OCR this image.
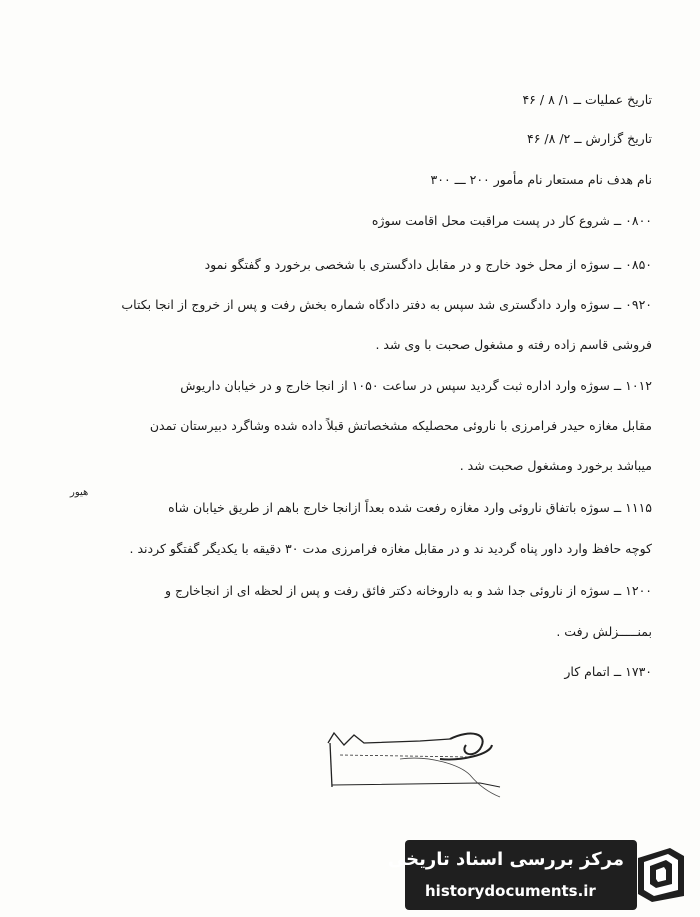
تاریخ عملیات ــ ۱/ ۸ / ۴۶
تاریخ گزارش ــ ۲/ ۸/ ۴۶
نام هدف نام مستعار نام مأمور ۲۰۰ ـــ ۳۰۰
۰۸۰۰ ــ شروع کار در پست مراقبت محل اقامت سوژه
۰۸۵۰ ــ سوژه از محل خود خارج و در مقابل دادگستری با شخصی برخورد و گفتگو نمود
۰۹۲۰ ــ سوژه وارد دادگستری شد سپس به دفتر دادگاه شماره بخش رفت و پس از خروج از انجا بکتاب
فروشی قاسم زاده رفته و مشغول صحبت با وی شد .
۱۰۱۲ ــ سوژه وارد اداره ثبت گردید سپس در ساعت ۱۰۵۰ از انجا خارج و در خیابان داریوش
مقابل مغازه حیدر فرامرزی با ناروئی محصلیکه مشخصاتش قبلاً داده شده وشاگرد دبیرستان تمدن
میباشد برخورد ومشغول صحبت شد .
۱۱۱۵ ــ سوژه باتفاق ناروئی وارد مغازه رفعت شده بعداً ازانجا خارج باهم از طریق خیابان شاه
کوچه حافظ وارد داور پناه گردید ند و در مقابل مغازه فرامرزی مدت ۳۰ دقیقه با یکدیگر گفتگو کردند .
۱۲۰۰ ــ سوژه از ناروئی جدا شد و به داروخانه دکتر فائق رفت و پس از لحظه ای از انجاخارج و
بمنـــــزلش رفت .
۱۷۳۰ ــ اتمام کار
هیور
مرکز بررسی اسناد تاریخی
historydocuments.ir
